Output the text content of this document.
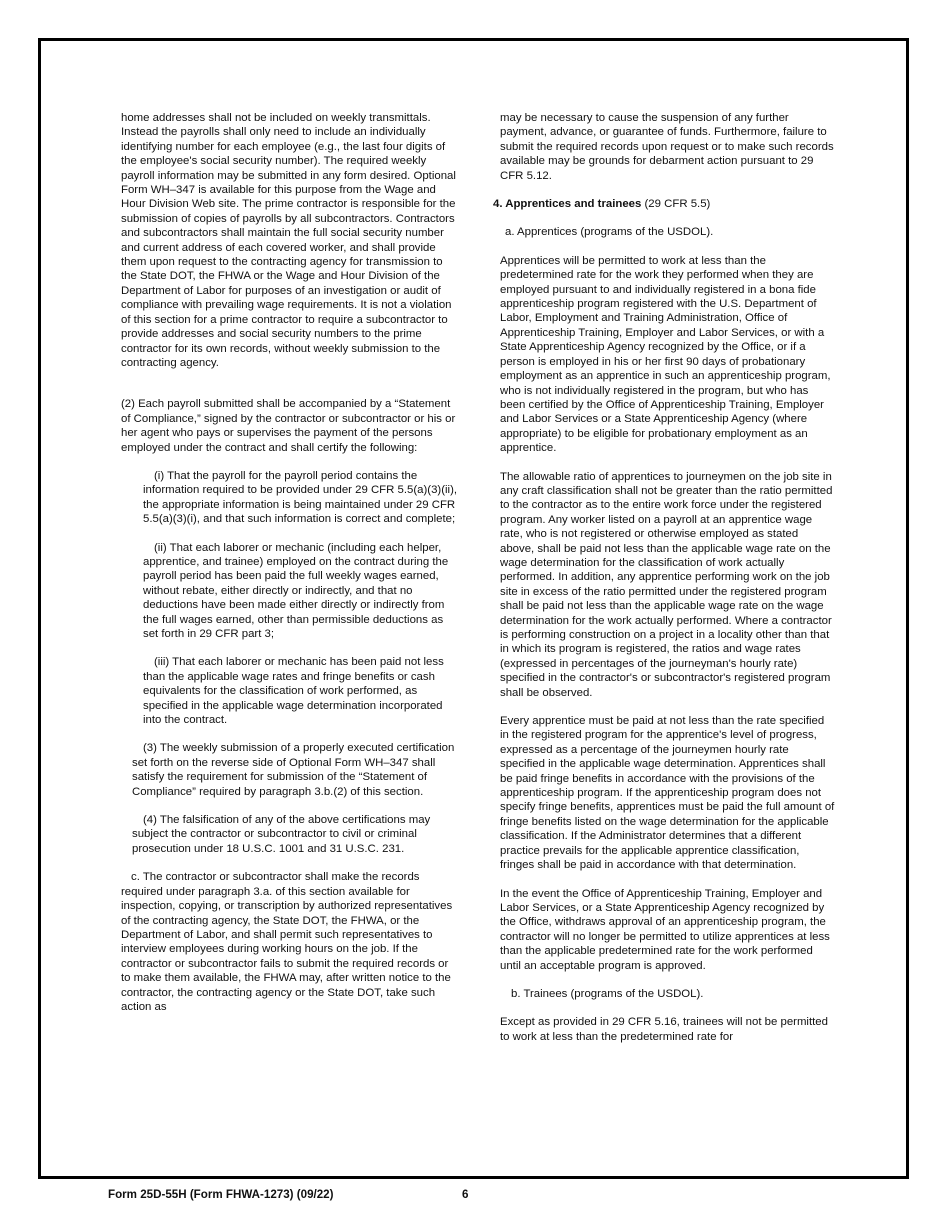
home addresses shall not be included on weekly transmittals. Instead the payrolls shall only need to include an individually identifying number for each employee (e.g., the last four digits of the employee's social security number). The required weekly payroll information may be submitted in any form desired. Optional Form WH–347 is available for this purpose from the Wage and Hour Division Web site. The prime contractor is responsible for the submission of copies of payrolls by all subcontractors. Contractors and subcontractors shall maintain the full social security number and current address of each covered worker, and shall provide them upon request to the contracting agency for transmission to the State DOT, the FHWA or the Wage and Hour Division of the Department of Labor for purposes of an investigation or audit of compliance with prevailing wage requirements. It is not a violation of this section for a prime contractor to require a subcontractor to provide addresses and social security numbers to the prime contractor for its own records, without weekly submission to the contracting agency.

(2) Each payroll submitted shall be accompanied by a “Statement of Compliance,” signed by the contractor or subcontractor or his or her agent who pays or supervises the payment of the persons employed under the contract and shall certify the following:

(i) That the payroll for the payroll period contains the information required to be provided under 29 CFR 5.5(a)(3)(ii), the appropriate information is being maintained under 29 CFR 5.5(a)(3)(i), and that such information is correct and complete;

(ii) That each laborer or mechanic (including each helper, apprentice, and trainee) employed on the contract during the payroll period has been paid the full weekly wages earned, without rebate, either directly or indirectly, and that no deductions have been made either directly or indirectly from the full wages earned, other than permissible deductions as set forth in 29 CFR part 3;

(iii) That each laborer or mechanic has been paid not less than the applicable wage rates and fringe benefits or cash equivalents for the classification of work performed, as specified in the applicable wage determination incorporated into the contract.

(3) The weekly submission of a properly executed certification set forth on the reverse side of Optional Form WH–347 shall satisfy the requirement for submission of the “Statement of Compliance” required by paragraph 3.b.(2) of this section.

(4) The falsification of any of the above certifications may subject the contractor or subcontractor to civil or criminal prosecution under 18 U.S.C. 1001 and 31 U.S.C. 231.

c. The contractor or subcontractor shall make the records required under paragraph 3.a. of this section available for inspection, copying, or transcription by authorized representatives of the contracting agency, the State DOT, the FHWA, or the Department of Labor, and shall permit such representatives to interview employees during working hours on the job. If the contractor or subcontractor fails to submit the required records or to make them available, the FHWA may, after written notice to the contractor, the contracting agency or the State DOT, take such action as

may be necessary to cause the suspension of any further payment, advance, or guarantee of funds. Furthermore, failure to submit the required records upon request or to make such records available may be grounds for debarment action pursuant to 29 CFR 5.12.

4. Apprentices and trainees (29 CFR 5.5)

a. Apprentices (programs of the USDOL).

Apprentices will be permitted to work at less than the predetermined rate for the work they performed when they are employed pursuant to and individually registered in a bona fide apprenticeship program registered with the U.S. Department of Labor, Employment and Training Administration, Office of Apprenticeship Training, Employer and Labor Services, or with a State Apprenticeship Agency recognized by the Office, or if a person is employed in his or her first 90 days of probationary employment as an apprentice in such an apprenticeship program, who is not individually registered in the program, but who has been certified by the Office of Apprenticeship Training, Employer and Labor Services or a State Apprenticeship Agency (where appropriate) to be eligible for probationary employment as an apprentice.

The allowable ratio of apprentices to journeymen on the job site in any craft classification shall not be greater than the ratio permitted to the contractor as to the entire work force under the registered program. Any worker listed on a payroll at an apprentice wage rate, who is not registered or otherwise employed as stated above, shall be paid not less than the applicable wage rate on the wage determination for the classification of work actually performed. In addition, any apprentice performing work on the job site in excess of the ratio permitted under the registered program shall be paid not less than the applicable wage rate on the wage determination for the work actually performed. Where a contractor is performing construction on a project in a locality other than that in which its program is registered, the ratios and wage rates (expressed in percentages of the journeyman's hourly rate) specified in the contractor's or subcontractor's registered program shall be observed.

Every apprentice must be paid at not less than the rate specified in the registered program for the apprentice's level of progress, expressed as a percentage of the journeymen hourly rate specified in the applicable wage determination. Apprentices shall be paid fringe benefits in accordance with the provisions of the apprenticeship program. If the apprenticeship program does not specify fringe benefits, apprentices must be paid the full amount of fringe benefits listed on the wage determination for the applicable classification. If the Administrator determines that a different practice prevails for the applicable apprentice classification, fringes shall be paid in accordance with that determination.

In the event the Office of Apprenticeship Training, Employer and Labor Services, or a State Apprenticeship Agency recognized by the Office, withdraws approval of an apprenticeship program, the contractor will no longer be permitted to utilize apprentices at less than the applicable predetermined rate for the work performed until an acceptable program is approved.

b. Trainees (programs of the USDOL).

Except as provided in 29 CFR 5.16, trainees will not be permitted to work at less than the predetermined rate for

Form 25D-55H (Form FHWA-1273) (09/22)	6
